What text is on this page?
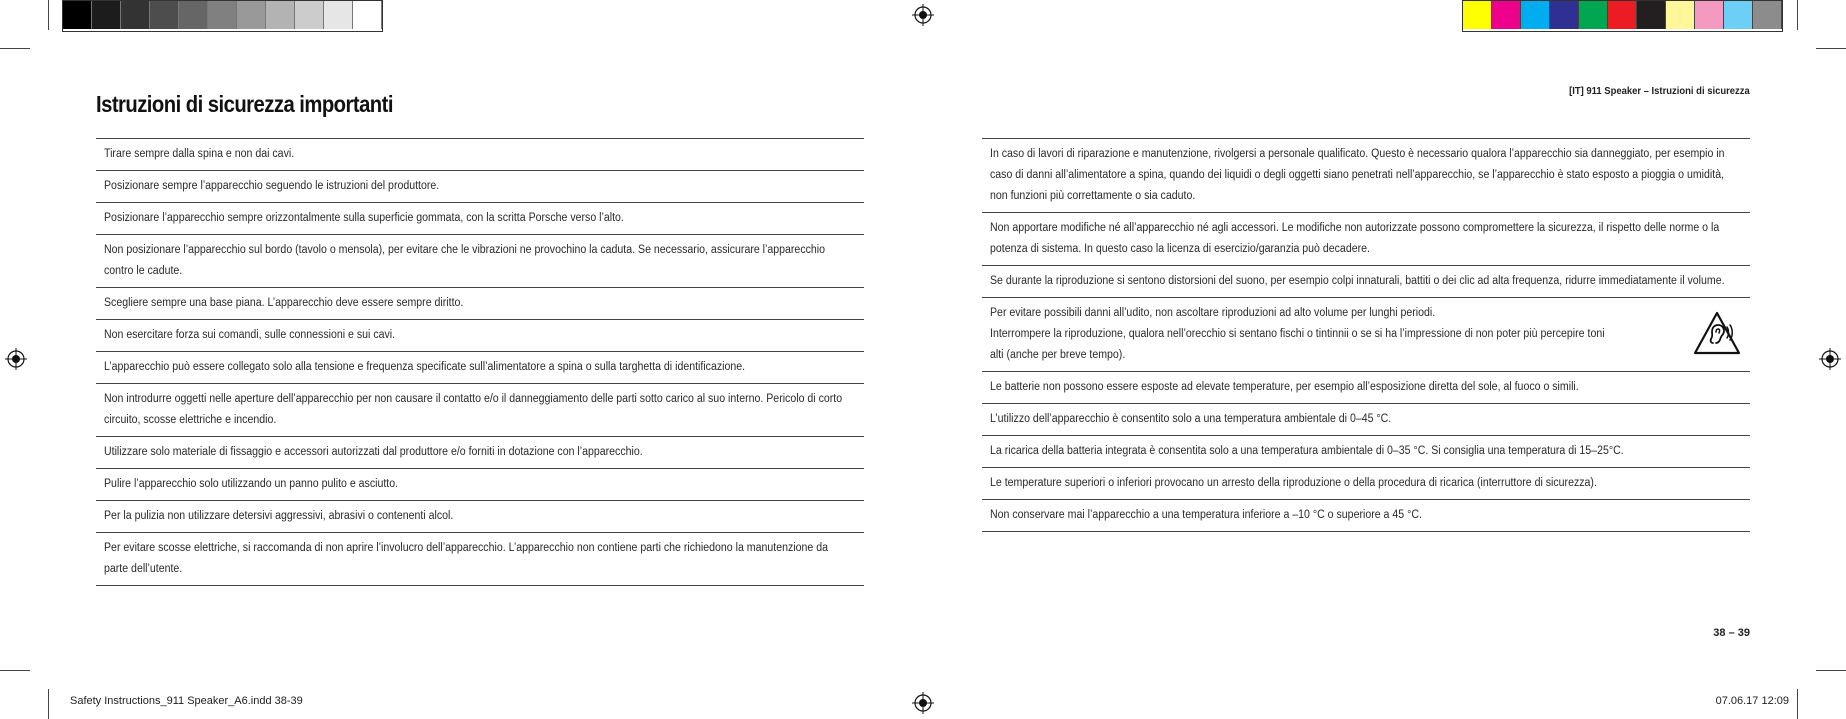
Istruzioni di sicurezza importanti	[IT] 911 Speaker – Istruzioni di sicurezza
Tirare sempre dalla spina e non dai cavi.
Posizionare sempre l’apparecchio seguendo le istruzioni del produttore.
Posizionare l’apparecchio sempre orizzontalmente sulla superficie gommata, con la scritta Porsche verso l’alto.
Non posizionare l’apparecchio sul bordo (tavolo o mensola), per evitare che le vibrazioni ne provochino la caduta. Se necessario, assicurare l’apparecchio contro le cadute.
Scegliere sempre una base piana. L’apparecchio deve essere sempre diritto.
Non esercitare forza sui comandi, sulle connessioni e sui cavi.
L’apparecchio può essere collegato solo alla tensione e frequenza specificate sull’alimentatore a spina o sulla targhetta di identificazione.
Non introdurre oggetti nelle aperture dell’apparecchio per non causare il contatto e/o il danneggiamento delle parti sotto carico al suo interno. Pericolo di corto circuito, scosse elettriche e incendio.
Utilizzare solo materiale di fissaggio e accessori autorizzati dal produttore e/o forniti in dotazione con l’apparecchio.
Pulire l’apparecchio solo utilizzando un panno pulito e asciutto.
Per la pulizia non utilizzare detersivi aggressivi, abrasivi o contenenti alcol.
Per evitare scosse elettriche, si raccomanda di non aprire l’involucro dell’apparecchio. L’apparecchio non contiene parti che richiedono la manutenzione da parte dell’utente.
In caso di lavori di riparazione e manutenzione, rivolgersi a personale qualificato. Questo è necessario qualora l’apparecchio sia danneggiato, per esempio in caso di danni all’alimentatore a spina, quando dei liquidi o degli oggetti siano penetrati nell’apparecchio, se l’apparecchio è stato esposto a pioggia o umidità, non funzioni più correttamente o sia caduto.
Non apportare modifiche né all’apparecchio né agli accessori. Le modifiche non autorizzate possono compromettere la sicurezza, il rispetto delle norme o la potenza di sistema. In questo caso la licenza di esercizio/garanzia può decadere.
Se durante la riproduzione si sentono distorsioni del suono, per esempio colpi innaturali, battiti o dei clic ad alta frequenza, ridurre immediatamente il volume.
Per evitare possibili danni all’udito, non ascoltare riproduzioni ad alto volume per lunghi periodi.
Interrompere la riproduzione, qualora nell’orecchio si sentano fischi o tintinnii o se si ha l’impressione di non poter più percepire toni alti (anche per breve tempo).
Le batterie non possono essere esposte ad elevate temperature, per esempio all’esposizione diretta del sole, al fuoco o simili.
L’utilizzo dell’apparecchio è consentito solo a una temperatura ambientale di 0–45 °C.
La ricarica della batteria integrata è consentita solo a una temperatura ambientale di 0–35 °C. Si consiglia una temperatura di 15–25°C.
Le temperature superiori o inferiori provocano un arresto della riproduzione o della procedura di ricarica (interruttore di sicurezza).
Non conservare mai l’apparecchio a una temperatura inferiore a –10 °C o superiore a 45 °C.
38 – 39
Safety Instructions_911 Speaker_A6.indd 38-39	07.06.17 12:09
